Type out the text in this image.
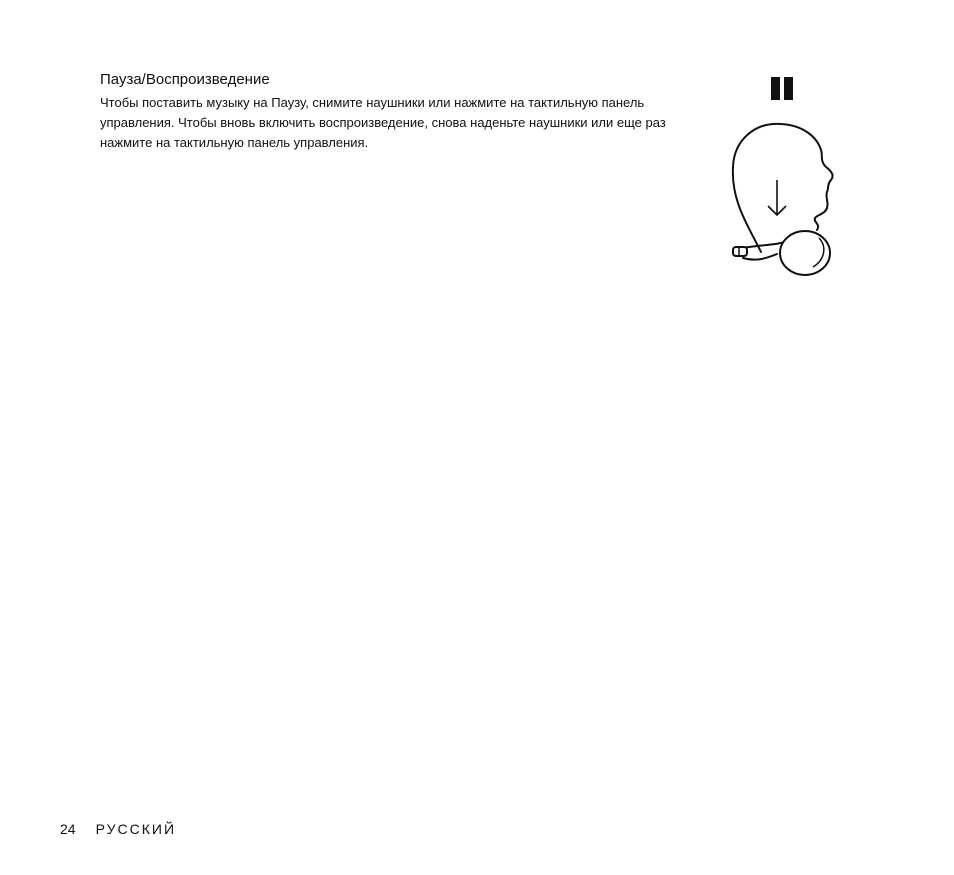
Пауза/Воспроизведение

Чтобы поставить музыку на Паузу, снимите наушники или нажмите на тактильную панель управления. Чтобы вновь включить воспроизведение, снова наденьте наушники или еще раз нажмите на тактильную панель управления.

24 РУССКИЙ
